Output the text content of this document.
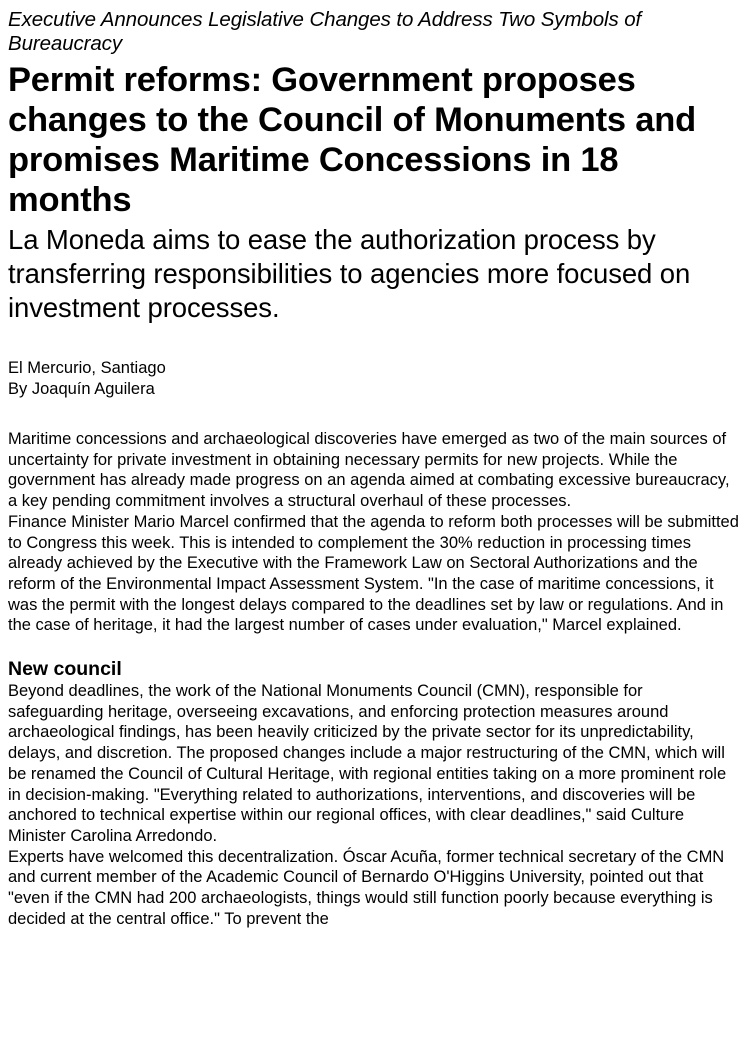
Executive Announces Legislative Changes to Address Two Symbols of Bureaucracy

Permit reforms: Government proposes changes to the Council of Monuments and promises Maritime Concessions in 18 months

La Moneda aims to ease the authorization process by transferring responsibilities to agencies more focused on investment processes.

El Mercurio, Santiago
By Joaquín Aguilera

Maritime concessions and archaeological discoveries have emerged as two of the main sources of uncertainty for private investment in obtaining necessary permits for new projects. While the government has already made progress on an agenda aimed at combating excessive bureaucracy, a key pending commitment involves a structural overhaul of these processes.

Finance Minister Mario Marcel confirmed that the agenda to reform both processes will be submitted to Congress this week. This is intended to complement the 30% reduction in processing times already achieved by the Executive with the Framework Law on Sectoral Authorizations and the reform of the Environmental Impact Assessment System. "In the case of maritime concessions, it was the permit with the longest delays compared to the deadlines set by law or regulations. And in the case of heritage, it had the largest number of cases under evaluation," Marcel explained.

New council

Beyond deadlines, the work of the National Monuments Council (CMN), responsible for safeguarding heritage, overseeing excavations, and enforcing protection measures around archaeological findings, has been heavily criticized by the private sector for its unpredictability, delays, and discretion. The proposed changes include a major restructuring of the CMN, which will be renamed the Council of Cultural Heritage, with regional entities taking on a more prominent role in decision-making. "Everything related to authorizations, interventions, and discoveries will be anchored to technical expertise within our regional offices, with clear deadlines," said Culture Minister Carolina Arredondo.

Experts have welcomed this decentralization. Óscar Acuña, former technical secretary of the CMN and current member of the Academic Council of Bernardo O'Higgins University, pointed out that "even if the CMN had 200 archaeologists, things would still function poorly because everything is decided at the central office." To prevent the
